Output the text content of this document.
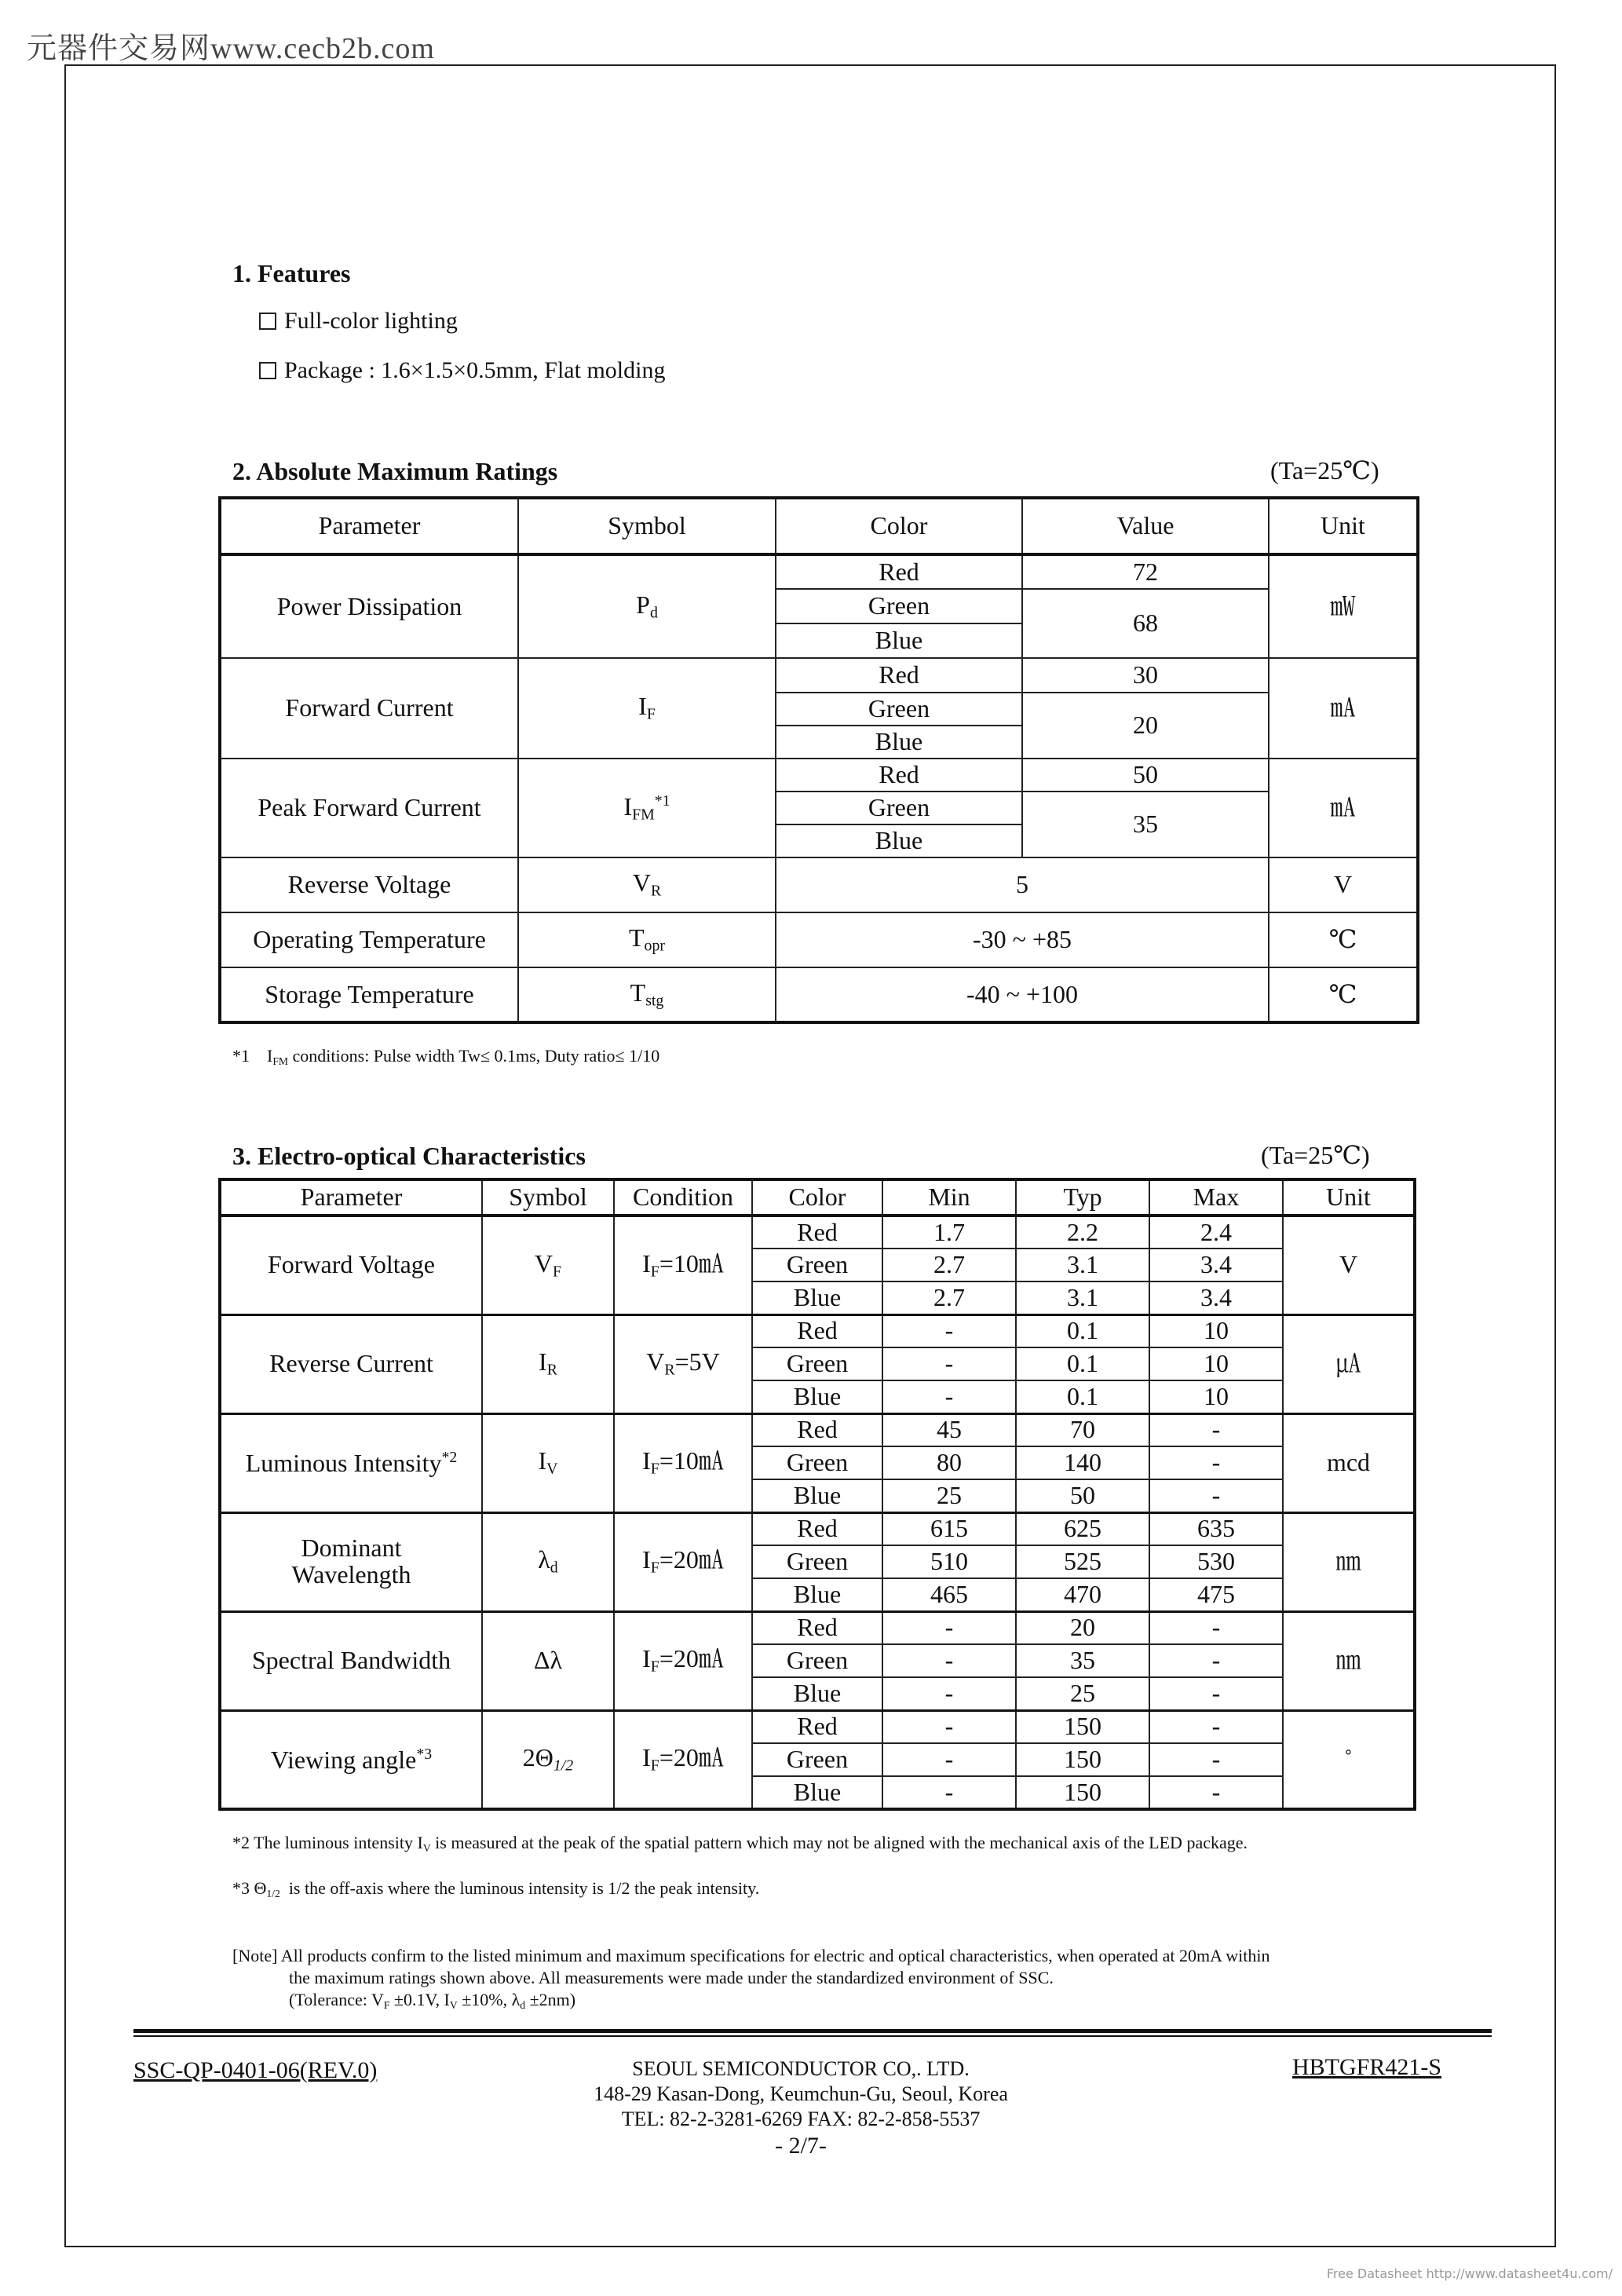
元器件交易网www.cecb2b.com
1. Features
Full-color lighting
Package : 1.6×1.5×0.5mm, Flat molding
2. Absolute Maximum Ratings	(Ta=25℃)
Parameter	Symbol	Color	Value	Unit
Power Dissipation	$P_d$	Red	72	㎽
		Green	68	
		Blue		
Forward Current	$I_F$	Red	30	㎃
		Green	20	
		Blue		
Peak Forward Current	$I_{FM}^{*1}$	Red	50	㎃
		Green	35	
		Blue		
Reverse Voltage	$V_R$	5		V
Operating Temperature	$T_{opr}$	-30 ~ +85		℃
Storage Temperature	$T_{stg}$	-40 ~ +100		℃
*1 $I_{FM}$ conditions: Pulse width Tw≤ 0.1ms, Duty ratio≤ 1/10
3. Electro-optical Characteristics	(Ta=25℃)
Parameter	Symbol	Condition	Color	Min	Typ	Max	Unit
Forward Voltage	$V_F$	$I_F=10㎃$	Red	1.7	2.2	2.4	V
			Green	2.7	3.1	3.4	
			Blue	2.7	3.1	3.4	
Reverse Current	$I_R$	$V_R=5V$	Red	-	0.1	10	㎂
			Green	-	0.1	10	
			Blue	-	0.1	10	
Luminous Intensity$^{*2}$	$I_V$	$I_F=10㎃$	Red	45	70	-	mcd
			Green	80	140	-	
			Blue	25	50	-	
Dominant
Wavelength	$\lambda_d$	$I_F=20㎃$	Red	615	625	635	㎚
			Green	510	525	530	
			Blue	465	470	475	
Spectral Bandwidth	Δλ	$I_F=20㎃$	Red	-	20	-	㎚
			Green	-	35	-	
			Blue	-	25	-	
Viewing angle$^{*3}$	$2\Theta_{1/2}$	$I_F=20㎃$	Red	-	150	-	˚
			Green	-	150	-	
			Blue	-	150	-	
*2 The luminous intensity $I_V$ is measured at the peak of the spatial pattern which may not be aligned with the mechanical axis of the LED package.
*3 $\Theta_{1/2}$ is the off-axis where the luminous intensity is 1/2 the peak intensity.
[Note] All products confirm to the listed minimum and maximum specifications for electric and optical characteristics, when operated at 20mA within
the maximum ratings shown above. All measurements were made under the standardized environment of SSC.
(Tolerance: $V_F \pm 0.1V$, $I_V \pm 10\%$, $\lambda_d \pm 2nm$)
SSC-QP-0401-06(REV.0)	SEOUL SEMICONDUCTOR CO,. LTD.
148-29 Kasan-Dong, Keumchun-Gu, Seoul, Korea
TEL: 82-2-3281-6269 FAX: 82-2-858-5537
- 2/7-
HBTGFR421-S
Free Datasheet http://www.datasheet4u.com/
